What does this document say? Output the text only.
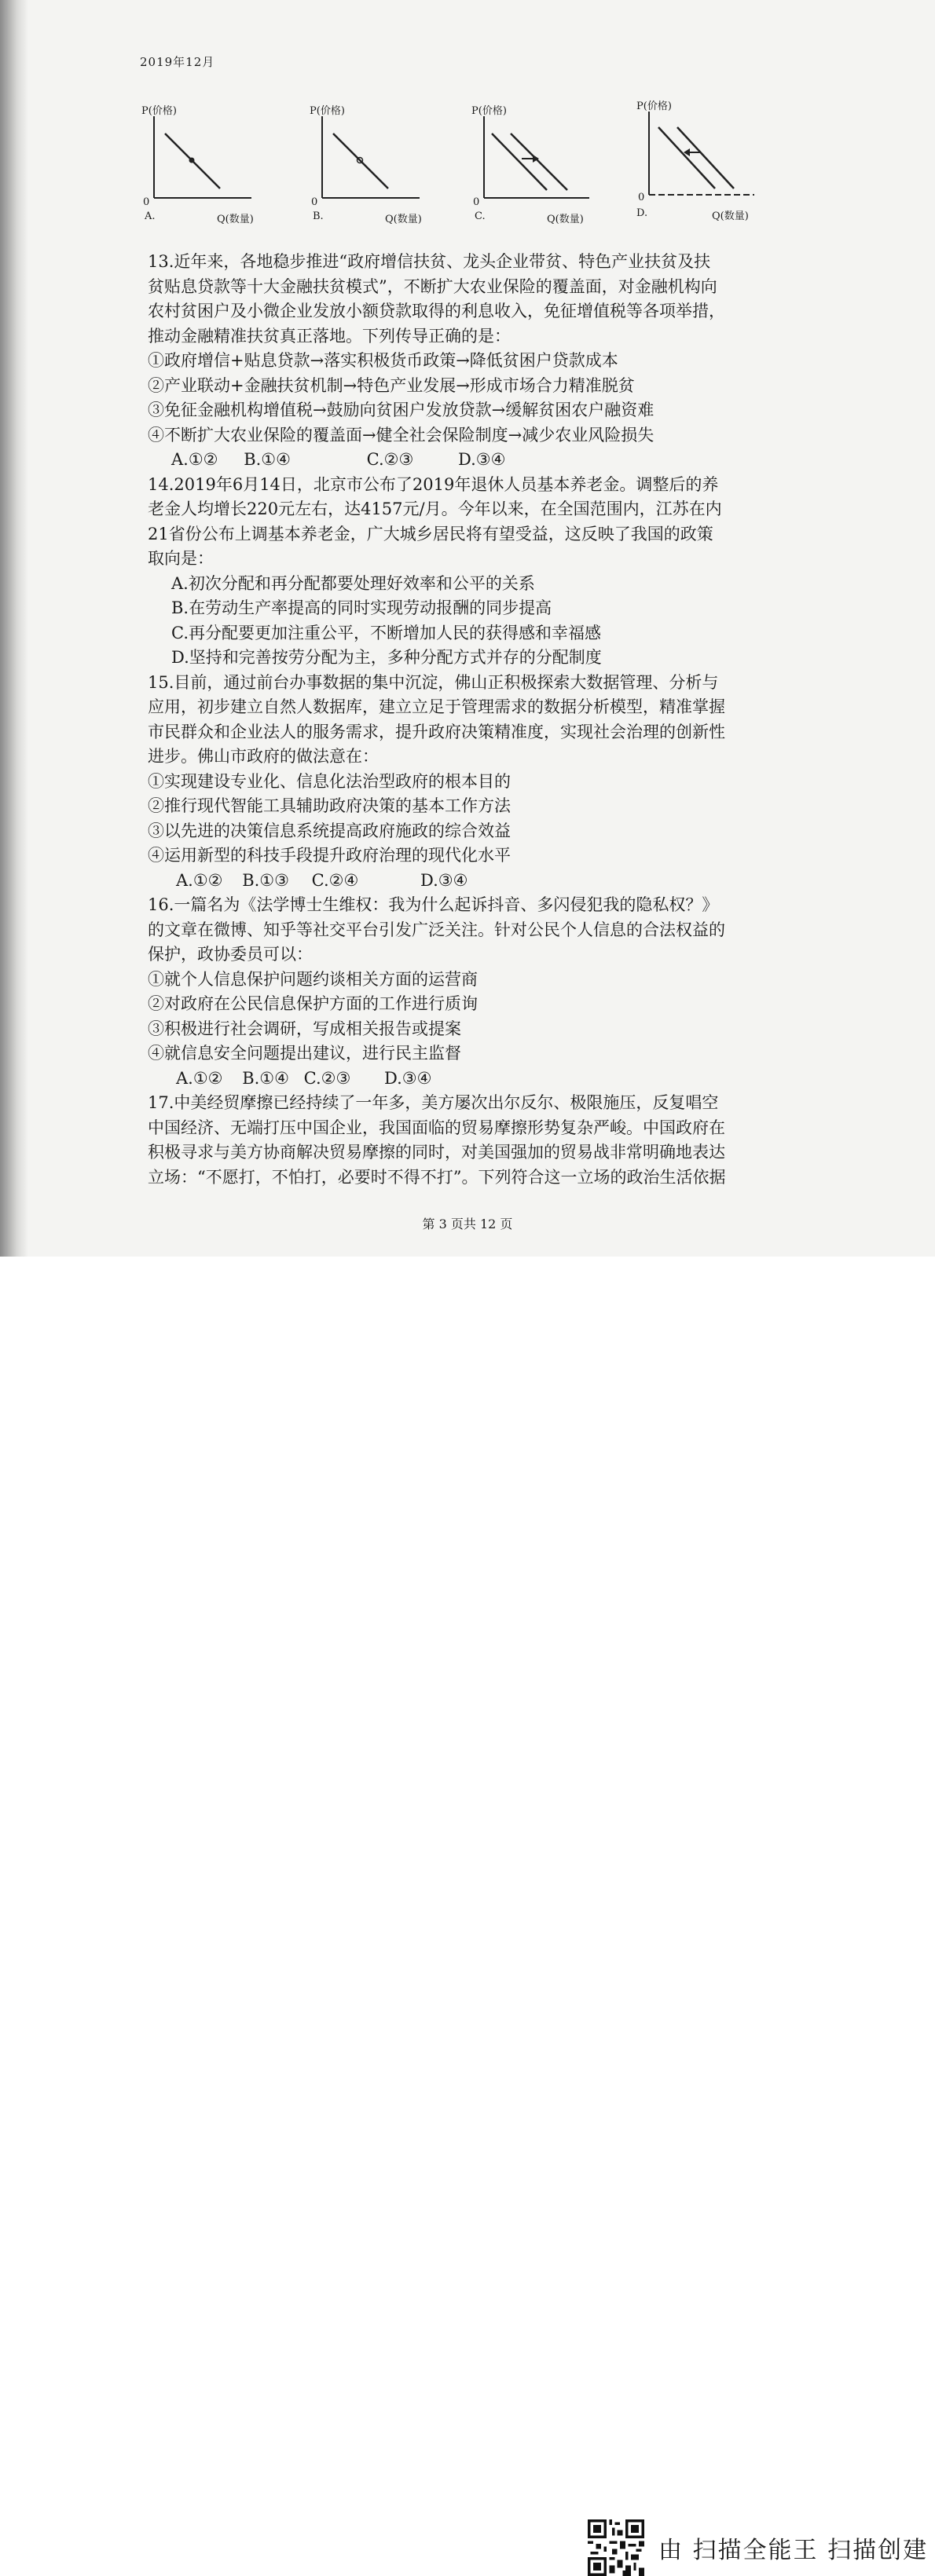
2019年12月
P(价格)
0
A.	Q(数量)
P(价格)
0
B.	Q(数量)
P(价格)
0
C.	Q(数量)
P(价格)
0
D.	Q(数量)
13.近年来，各地稳步推进“政府增信扶贫、龙头企业带贫、特色产业扶贫及扶
贫贴息贷款等十大金融扶贫模式”，不断扩大农业保险的覆盖面，对金融机构向
农村贫困户及小微企业发放小额贷款取得的利息收入，免征增值税等各项举措，
推动金融精准扶贫真正落地。下列传导正确的是：
①政府增信+贴息贷款→落实积极货币政策→降低贫困户贷款成本
②产业联动+金融扶贫机制→特色产业发展→形成市场合力精准脱贫
③免征金融机构增值税→鼓励向贫困户发放贷款→缓解贫困农户融资难
④不断扩大农业保险的覆盖面→健全社会保险制度→减少农业风险损失
A.①② B.①④	C.②③	D.③④
14.2019年6月14日，北京市公布了2019年退休人员基本养老金。调整后的养
老金人均增长220元左右，达4157元/月。今年以来，在全国范围内，江苏在内
21省份公布上调基本养老金，广大城乡居民将有望受益，这反映了我国的政策
取向是：
A.初次分配和再分配都要处理好效率和公平的关系
B.在劳动生产率提高的同时实现劳动报酬的同步提高
C.再分配要更加注重公平，不断增加人民的获得感和幸福感
D.坚持和完善按劳分配为主，多种分配方式并存的分配制度
15.目前，通过前台办事数据的集中沉淀，佛山正积极探索大数据管理、分析与
应用，初步建立自然人数据库，建立立足于管理需求的数据分析模型，精准掌握
市民群众和企业法人的服务需求，提升政府决策精准度，实现社会治理的创新性
进步。佛山市政府的做法意在：
①实现建设专业化、信息化法治型政府的根本目的
②推行现代智能工具辅助政府决策的基本工作方法
③以先进的决策信息系统提高政府施政的综合效益
④运用新型的科技手段提升政府治理的现代化水平
A.①② B.①③ C.②④	D.③④
16.一篇名为《法学博士生维权：我为什么起诉抖音、多闪侵犯我的隐私权？》
的文章在微博、知乎等社交平台引发广泛关注。针对公民个人信息的合法权益的
保护，政协委员可以：
①就个人信息保护问题约谈相关方面的运营商
②对政府在公民信息保护方面的工作进行质询
③积极进行社会调研，写成相关报告或提案
④就信息安全问题提出建议，进行民主监督
A.①② B.①④ C.②③ D.③④
17.中美经贸摩擦已经持续了一年多，美方屡次出尔反尔、极限施压，反复唱空
中国经济、无端打压中国企业，我国面临的贸易摩擦形势复杂严峻。中国政府在
积极寻求与美方协商解决贸易摩擦的同时，对美国强加的贸易战非常明确地表达
立场：“不愿打，不怕打，必要时不得不打”。下列符合这一立场的政治生活依据
第 3 页共 12 页
由 扫描全能王 扫描创建
